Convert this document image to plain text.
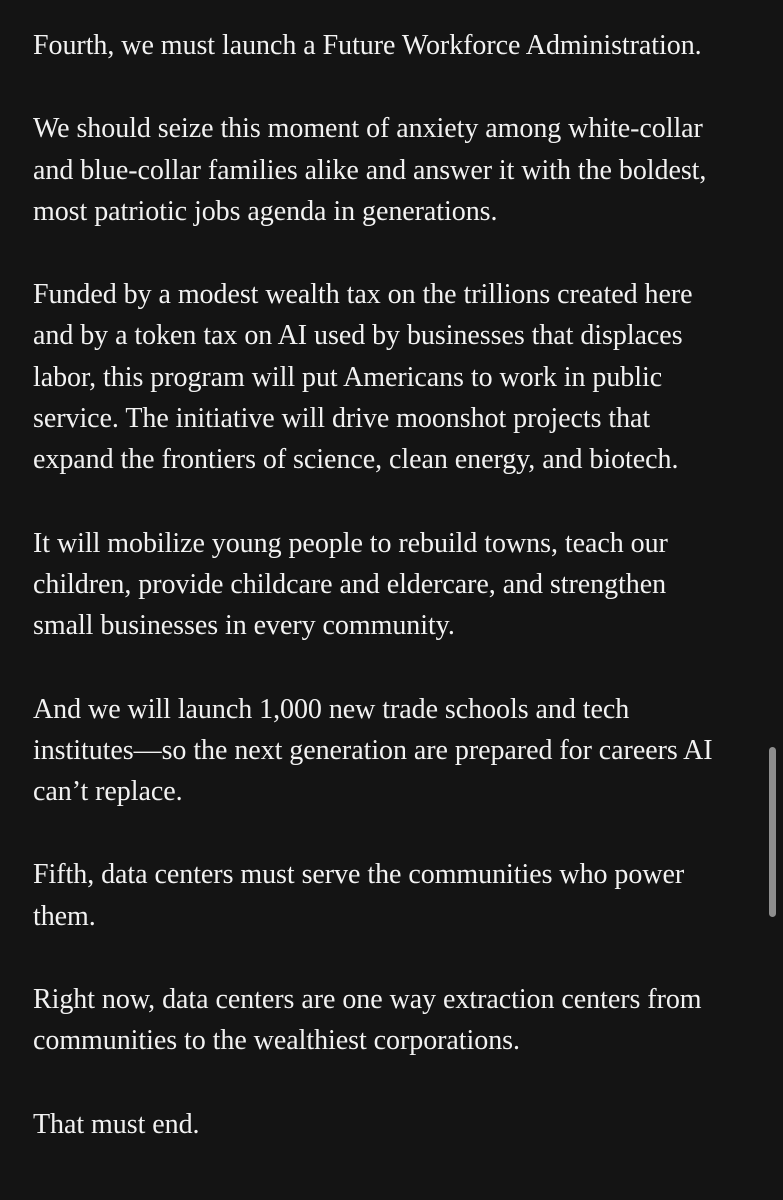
Fourth, we must launch a Future Workforce Administration.

We should seize this moment of anxiety among white-collar
and blue-collar families alike and answer it with the boldest,
most patriotic jobs agenda in generations.

Funded by a modest wealth tax on the trillions created here
and by a token tax on AI used by businesses that displaces
labor, this program will put Americans to work in public
service. The initiative will drive moonshot projects that
expand the frontiers of science, clean energy, and biotech.

It will mobilize young people to rebuild towns, teach our
children, provide childcare and eldercare, and strengthen
small businesses in every community.

And we will launch 1,000 new trade schools and tech
institutes—so the next generation are prepared for careers AI
can’t replace.

Fifth, data centers must serve the communities who power
them.

Right now, data centers are one way extraction centers from
communities to the wealthiest corporations.

That must end.
